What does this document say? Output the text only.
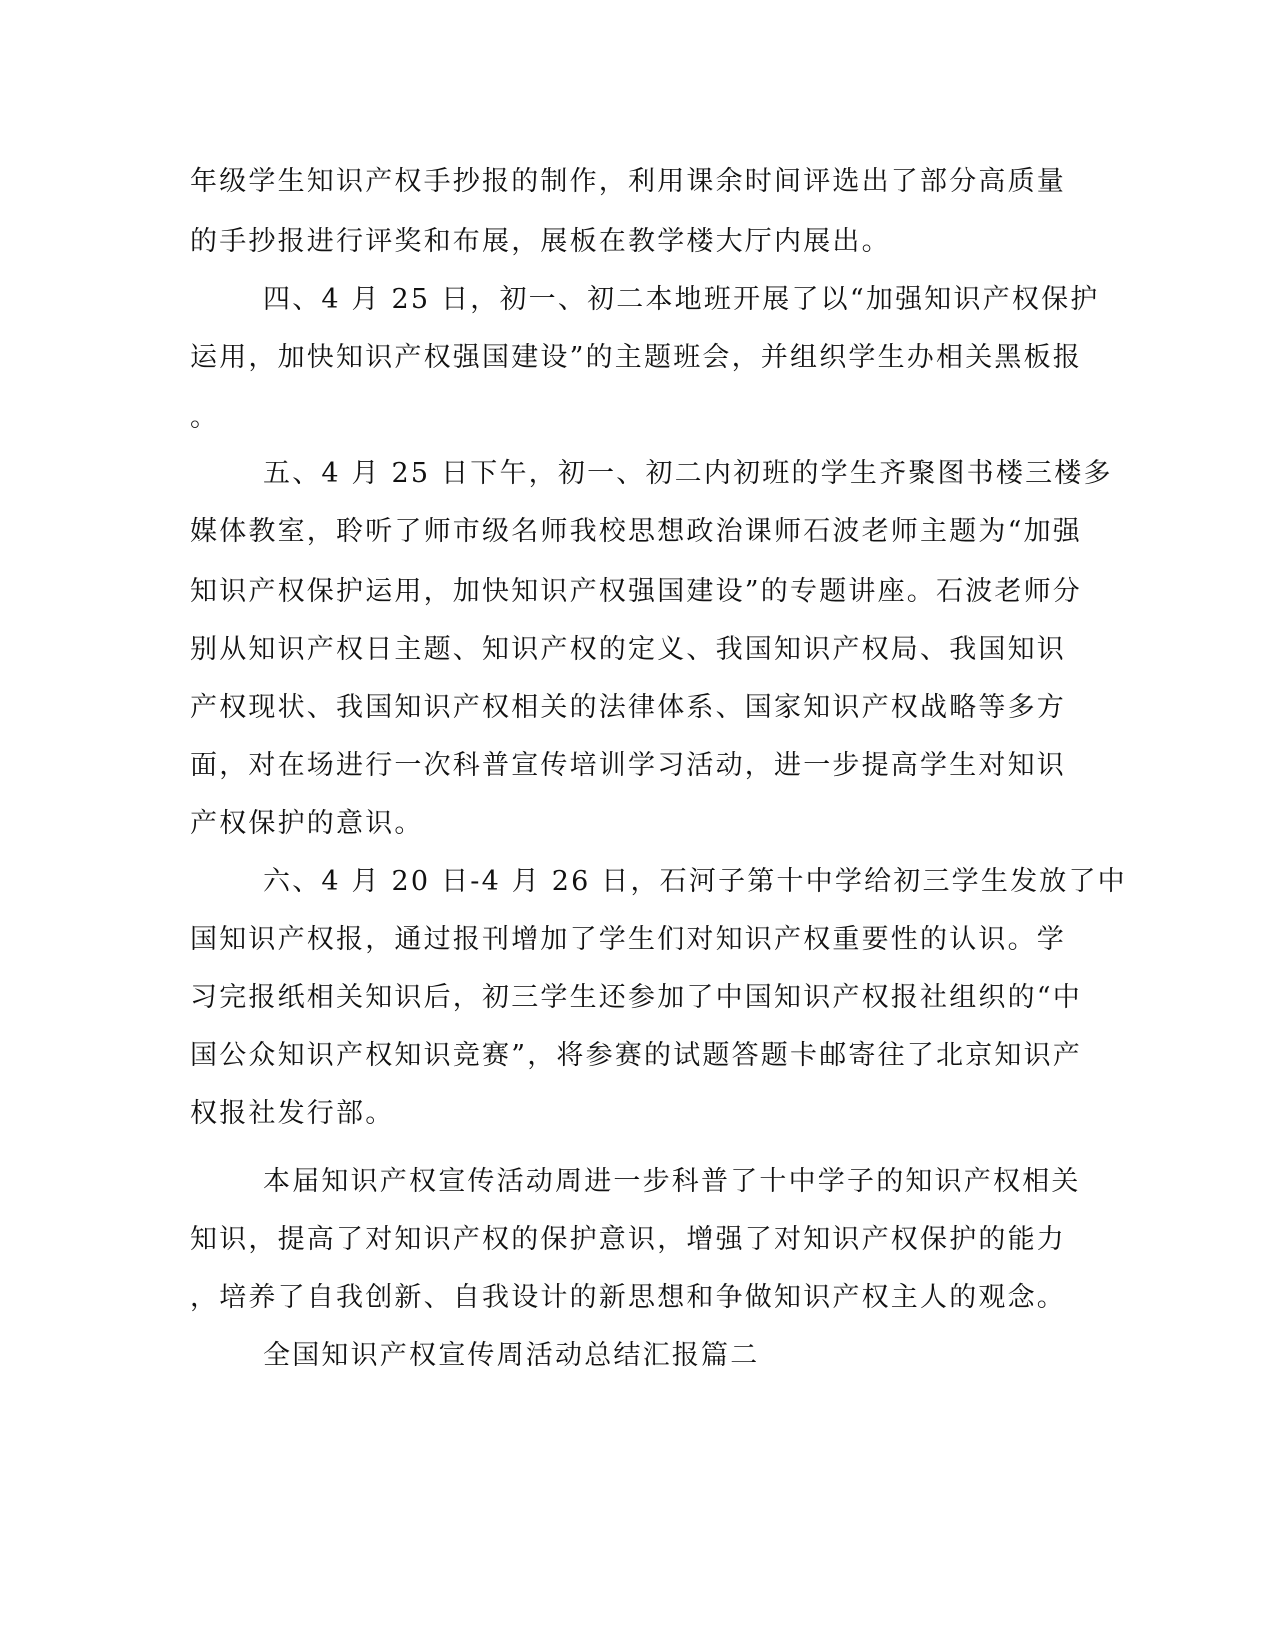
年级学生知识产权手抄报的制作，利用课余时间评选出了部分高质量
的手抄报进行评奖和布展，展板在教学楼大厅内展出。
四、4 月 25 日，初一、初二本地班开展了以“加强知识产权保护
运用，加快知识产权强国建设”的主题班会，并组织学生办相关黑板报
。
五、4 月 25 日下午，初一、初二内初班的学生齐聚图书楼三楼多
媒体教室，聆听了师市级名师我校思想政治课师石波老师主题为“加强
知识产权保护运用，加快知识产权强国建设”的专题讲座。石波老师分
别从知识产权日主题、知识产权的定义、我国知识产权局、我国知识
产权现状、我国知识产权相关的法律体系、国家知识产权战略等多方
面，对在场进行一次科普宣传培训学习活动，进一步提高学生对知识
产权保护的意识。
六、4 月 20 日-4 月 26 日，石河子第十中学给初三学生发放了中
国知识产权报，通过报刊增加了学生们对知识产权重要性的认识。学
习完报纸相关知识后，初三学生还参加了中国知识产权报社组织的“中
国公众知识产权知识竞赛”，将参赛的试题答题卡邮寄往了北京知识产
权报社发行部。
本届知识产权宣传活动周进一步科普了十中学子的知识产权相关
知识，提高了对知识产权的保护意识，增强了对知识产权保护的能力
，培养了自我创新、自我设计的新思想和争做知识产权主人的观念。
全国知识产权宣传周活动总结汇报篇二
